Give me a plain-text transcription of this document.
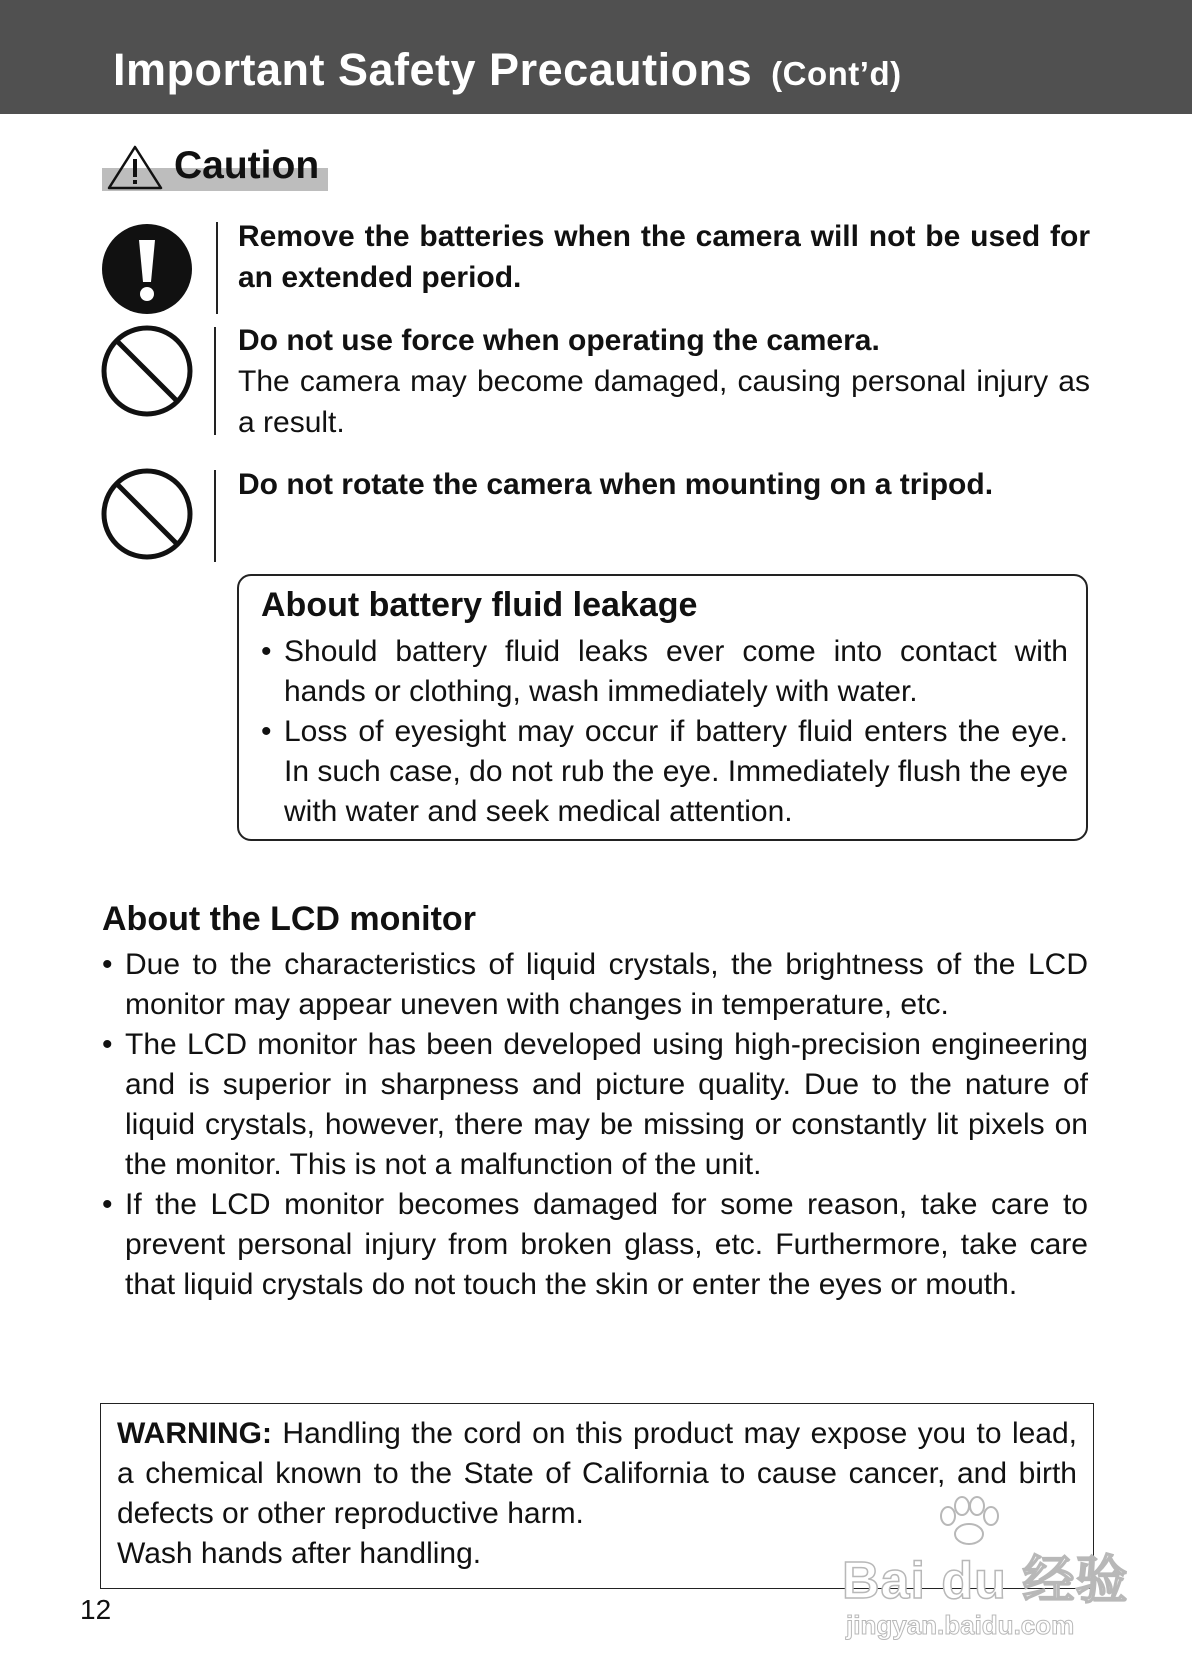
Important Safety Precautions (Cont’d)
Caution

Remove the batteries when the camera will not be used for an extended period.

Do not use force when operating the camera.

The camera may become damaged, causing personal injury as a result.

Do not rotate the camera when mounting on a tripod.

About battery fluid leakage
• Should battery fluid leaks ever come into contact with hands or clothing, wash immediately with water.
• Loss of eyesight may occur if battery fluid enters the eye. In such case, do not rub the eye. Immediately flush the eye with water and seek medical attention.
About the LCD monitor
• Due to the characteristics of liquid crystals, the brightness of the LCD monitor may appear uneven with changes in temperature, etc.
• The LCD monitor has been developed using high-precision engineering and is superior in sharpness and picture quality. Due to the nature of liquid crystals, however, there may be missing or constantly lit pixels on the monitor. This is not a malfunction of the unit.
• If the LCD monitor becomes damaged for some reason, take care to prevent personal injury from broken glass, etc. Furthermore, take care that liquid crystals do not touch the skin or enter the eyes or mouth.

WARNING: Handling the cord on this product may expose you to lead, a chemical known to the State of California to cause cancer, and birth defects or other reproductive harm.
Wash hands after handling.

12	Bai du 经验
jingyan.baidu.com
